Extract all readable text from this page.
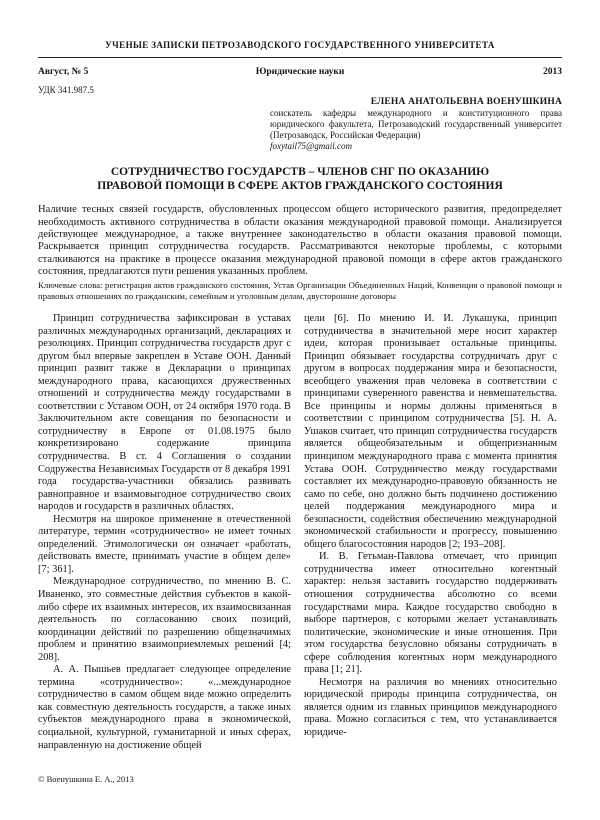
УЧЕНЫЕ ЗАПИСКИ ПЕТРОЗАВОДСКОГО ГОСУДАРСТВЕННОГО УНИВЕРСИТЕТА
Август, № 5	Юридические науки	2013
УДК 341.987.5
ЕЛЕНА АНАТОЛЬЕВНА ВОЕНУШКИНА
соискатель кафедры международного и конституционного права юридического факультета, Петрозаводский государственный университет (Петрозаводск, Российская Федерация)
foxytail75@gmail.com
СОТРУДНИЧЕСТВО ГОСУДАРСТВ – ЧЛЕНОВ СНГ ПО ОКАЗАНИЮ
ПРАВОВОЙ ПОМОЩИ В СФЕРЕ АКТОВ ГРАЖДАНСКОГО СОСТОЯНИЯ
Наличие тесных связей государств, обусловленных процессом общего исторического развития, предопределяет необходимость активного сотрудничества в области оказания международной правовой помощи. Анализируется действующее международное, а также внутреннее законодательство в области оказания правовой помощи. Раскрывается принцип сотрудничества государств. Рассматриваются некоторые проблемы, с которыми сталкиваются на практике в процессе оказания международной правовой помощи в сфере актов гражданского состояния, предлагаются пути решения указанных проблем.
Ключевые слова: регистрация актов гражданского состояния, Устав Организации Объединенных Наций, Конвенция о правовой помощи и правовых отношениях по гражданским, семейным и уголовным делам, двусторонние договоры

Принцип сотрудничества зафиксирован в уставах различных международных организаций, декларациях и резолюциях. Принцип сотрудничества государств друг с другом был впервые закреплен в Уставе ООН. Данный принцип развит также в Декларации о принципах международного права, касающихся дружественных отношений и сотрудничества между государствами в соответствии с Уставом ООН, от 24 октября 1970 года. В Заключительном акте совещания по безопасности и сотрудничеству в Европе от 01.08.1975 было конкретизировано содержание принципа сотрудничества. В ст. 4 Соглашения о создании Содружества Независимых Государств от 8 декабря 1991 года государства-участники обязались развивать равноправное и взаимовыгодное сотрудничество своих народов и государств в различных областях.

Несмотря на широкое применение в отечественной литературе, термин «сотрудничество» не имеет точных определений. Этимологически он означает «работать, действовать вместе, принимать участие в общем деле» [7; 361].

Международное сотрудничество, по мнению В. С. Иваненко, это совместные действия субъектов в какой-либо сфере их взаимных интересов, их взаимосвязанная деятельность по согласованию своих позиций, координации действий по разрешению общезначимых проблем и принятию взаимоприемлемых решений [4; 208].

А. А. Пышьев предлагает следующее определение термина «сотрудничество»: «...международное сотрудничество в самом общем виде можно определить как совместную деятельность государств, а также иных субъектов международного права в экономической, социальной, культурной, гуманитарной и иных сферах, направленную на достижение общей

цели [6]. По мнению И. И. Лукашука, принцип сотрудничества в значительной мере носит характер идеи, которая пронизывает остальные принципы. Принцип обязывает государства сотрудничать друг с другом в вопросах поддержания мира и безопасности, всеобщего уважения прав человека в соответствии с принципами суверенного равенства и невмешательства. Все принципы и нормы должны применяться в соответствии с принципом сотрудничества [5]. Н. А. Ушаков считает, что принцип сотрудничества государств является общеобязательным и общепризнанным принципом международного права с момента принятия Устава ООН. Сотрудничество между государствами составляет их международно-правовую обязанность не само по себе, оно должно быть подчинено достижению целей поддержания международного мира и безопасности, содействия обеспечению международной экономической стабильности и прогрессу, повышению общего благосостояния народов [2; 193–208].

И. В. Гетьман-Павлова отмечает, что принцип сотрудничества имеет относительно когентный характер: нельзя заставить государство поддерживать отношения сотрудничества абсолютно со всеми государствами мира. Каждое государство свободно в выборе партнеров, с которыми желает устанавливать политические, экономические и иные отношения. При этом государства безусловно обязаны сотрудничать в сфере соблюдения когентных норм международного права [1; 21].

Несмотря на различия во мнениях относительно юридической природы принципа сотрудничества, он является одним из главных принципов международного права. Можно согласиться с тем, что устанавливается юридиче-

© Военушкина Е. А., 2013
